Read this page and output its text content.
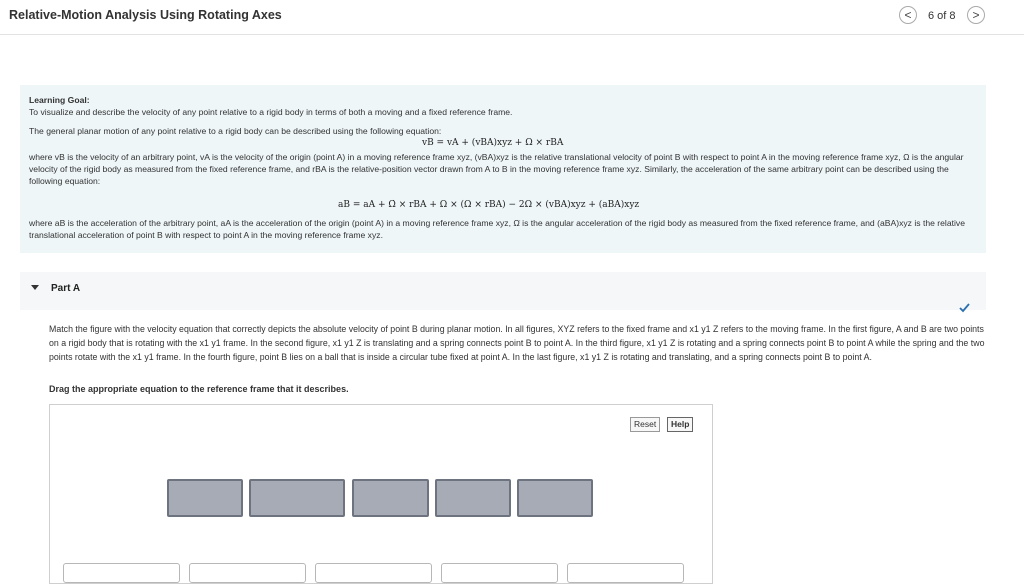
Relative-Motion Analysis Using Rotating Axes	<	6 of 8	>
Learning Goal:
To visualize and describe the velocity of any point relative to a rigid body in terms of both a moving and a fixed reference frame.
The general planar motion of any point relative to a rigid body can be described using the following equation:
vB = vA + (vBA)xyz + Ω × rBA
where vB is the velocity of an arbitrary point, vA is the velocity of the origin (point A) in a moving reference frame xyz, (vBA)xyz is the relative translational velocity of point B with respect to point A in the moving reference frame xyz, Ω is the angular velocity of the rigid body as measured from the fixed reference frame, and rBA is the relative-position vector drawn from A to B in the moving reference frame xyz. Similarly, the acceleration of the same arbitrary point can be described using the following equation:
aB = aA + Ω̇ × rBA + Ω × (Ω × rBA) − 2Ω × (vBA)xyz + (aBA)xyz
where aB is the acceleration of the arbitrary point, aA is the acceleration of the origin (point A) in a moving reference frame xyz, Ω̇ is the angular acceleration of the rigid body as measured from the fixed reference frame, and (aBA)xyz is the relative translational acceleration of point B with respect to point A in the moving reference frame xyz.
Part A
Match the figure with the velocity equation that correctly depicts the absolute velocity of point B during planar motion. In all figures, XYZ refers to the fixed frame and x1 y1 Z refers to the moving frame. In the first figure, A and B are two points on a rigid body that is rotating with the x1 y1 frame. In the second figure, x1 y1 Z is translating and a spring connects point B to point A. In the third figure, x1 y1 Z is rotating and a spring connects point B to point A while the spring and the two points rotate with the x1 y1 frame. In the fourth figure, point B lies on a ball that is inside a circular tube fixed at point A. In the last figure, x1 y1 Z is rotating and translating, and a spring connects point B to point A.
Drag the appropriate equation to the reference frame that it describes.
Reset	Help
